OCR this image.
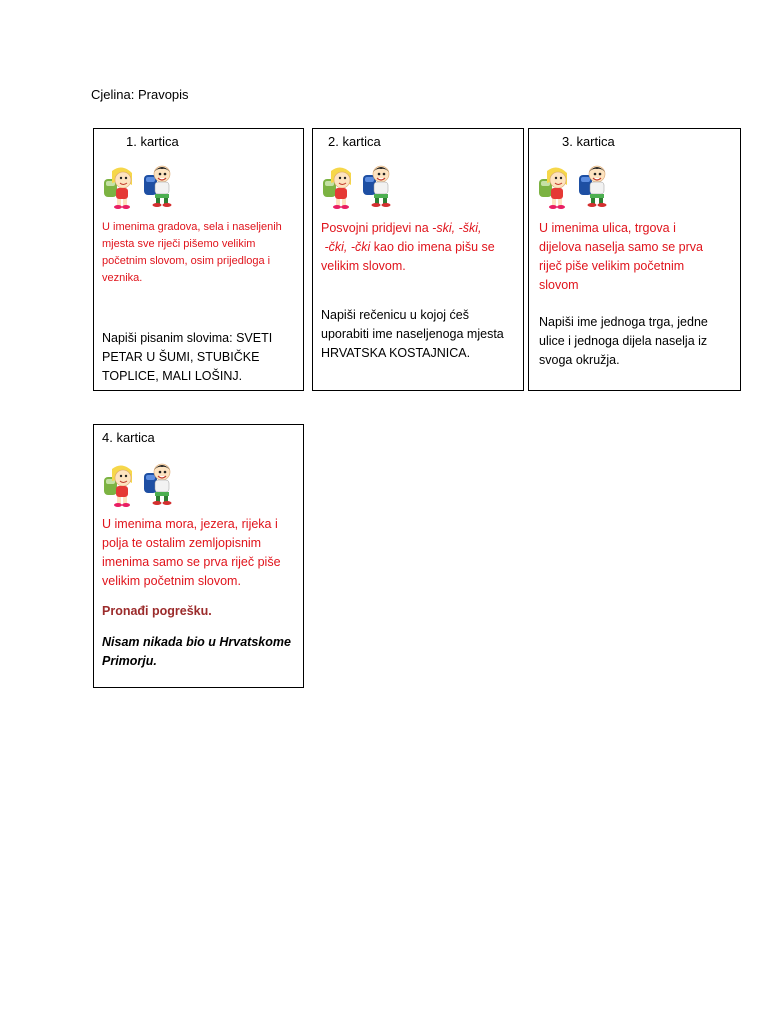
Cjelina: Pravopis
1. kartica
U imenima gradova, sela i naseljenih mjesta sve riječi pišemo velikim početnim slovom, osim prijedloga i veznika.
Napiši pisanim slovima: SVETI PETAR U ŠUMI, STUBIČKE TOPLICE, MALI LOŠINJ.
2. kartica
Posvojni pridjevi na -ski, -ški,
-čki, -čki kao dio imena pišu se velikim slovom.
Napiši rečenicu u kojoj ćeš uporabiti ime naseljenoga mjesta HRVATSKA KOSTAJNICA.
3. kartica
U imenima ulica, trgova i dijelova naselja samo se prva riječ piše velikim početnim slovom
Napiši ime jednoga trga, jedne ulice i jednoga dijela naselja iz svoga okružja.
4. kartica
U imenima mora, jezera, rijeka i polja te ostalim zemljopisnim imenima samo se prva riječ piše velikim početnim slovom.
Pronađi pogrešku.
Nisam nikada bio u Hrvatskome Primorju.
